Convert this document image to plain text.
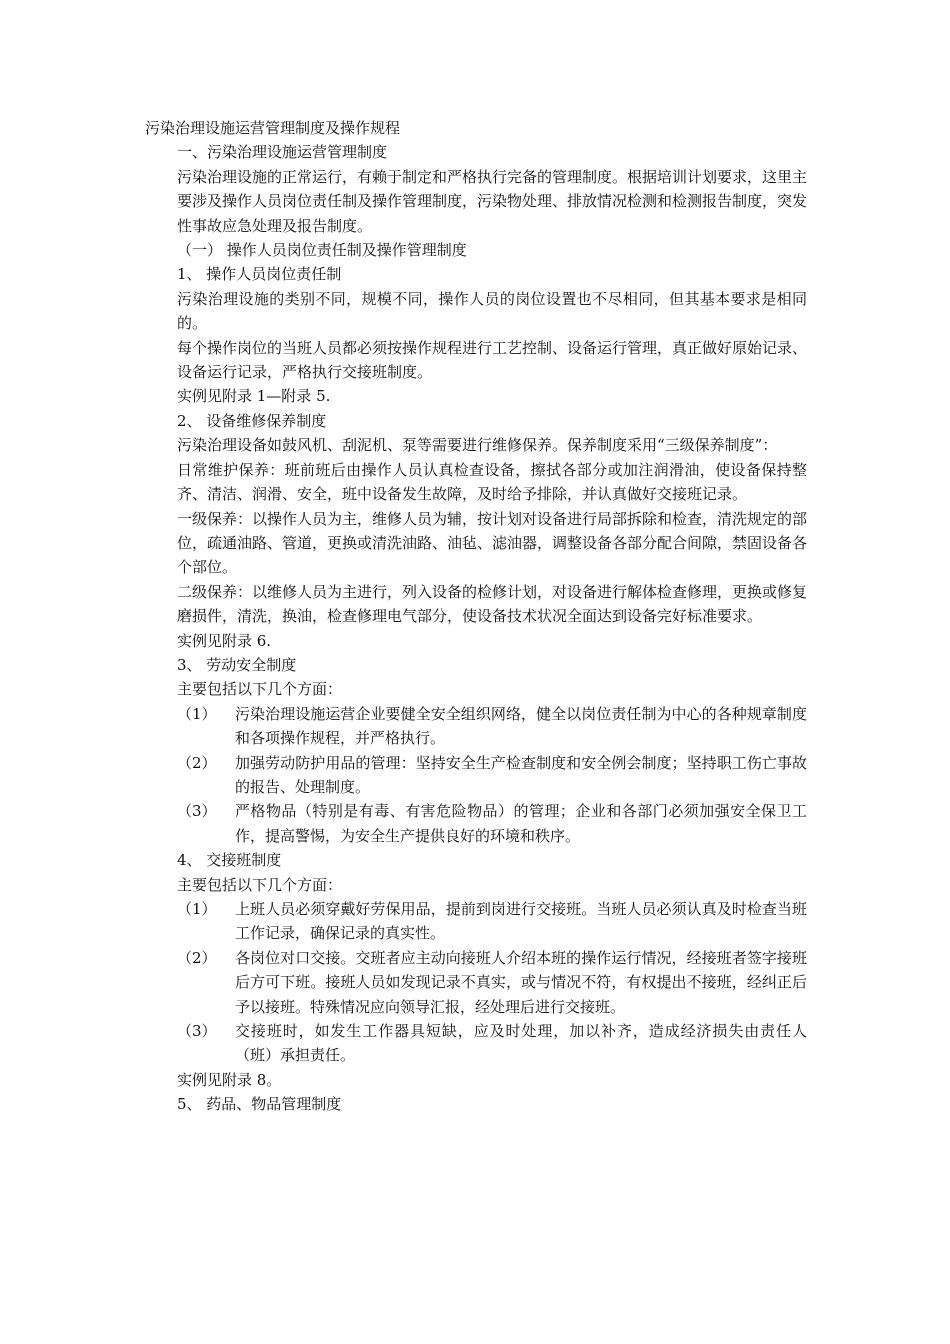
污染治理设施运营管理制度及操作规程
一、污染治理设施运营管理制度
污染治理设施的正常运行，有赖于制定和严格执行完备的管理制度。根据培训计划要求，这里主要涉及操作人员岗位责任制及操作管理制度，污染物处理、排放情况检测和检测报告制度，突发性事故应急处理及报告制度。
（一） 操作人员岗位责任制及操作管理制度
1、 操作人员岗位责任制
污染治理设施的类别不同，规模不同，操作人员的岗位设置也不尽相同，但其基本要求是相同的。
每个操作岗位的当班人员都必须按操作规程进行工艺控制、设备运行管理，真正做好原始记录、设备运行记录，严格执行交接班制度。
实例见附录 1—附录 5.
2、 设备维修保养制度
污染治理设备如鼓风机、刮泥机、泵等需要进行维修保养。保养制度采用“三级保养制度”：
日常维护保养：班前班后由操作人员认真检查设备，擦拭各部分或加注润滑油，使设备保持整齐、清洁、润滑、安全，班中设备发生故障，及时给予排除，并认真做好交接班记录。
一级保养：以操作人员为主，维修人员为辅，按计划对设备进行局部拆除和检查，清洗规定的部位，疏通油路、管道，更换或清洗油路、油毡、滤油器，调整设备各部分配合间隙，禁固设备各个部位。
二级保养：以维修人员为主进行，列入设备的检修计划，对设备进行解体检查修理，更换或修复磨损件，清洗，换油，检查修理电气部分，使设备技术状况全面达到设备完好标准要求。
实例见附录 6.
3、 劳动安全制度
主要包括以下几个方面：
（1）	污染治理设施运营企业要健全安全组织网络，健全以岗位责任制为中心的各种规章制度和各项操作规程，并严格执行。
（2）	加强劳动防护用品的管理：坚持安全生产检查制度和安全例会制度；坚持职工伤亡事故的报告、处理制度。
（3）	严格物品（特别是有毒、有害危险物品）的管理；企业和各部门必须加强安全保卫工作，提高警惕，为安全生产提供良好的环境和秩序。
4、 交接班制度
主要包括以下几个方面：
（1）	上班人员必须穿戴好劳保用品，提前到岗进行交接班。当班人员必须认真及时检查当班工作记录，确保记录的真实性。
（2）	各岗位对口交接。交班者应主动向接班人介绍本班的操作运行情况，经接班者签字接班后方可下班。接班人员如发现记录不真实，或与情况不符，有权提出不接班，经纠正后予以接班。特殊情况应向领导汇报，经处理后进行交接班。
（3）	交接班时，如发生工作器具短缺，应及时处理，加以补齐，造成经济损失由责任人（班）承担责任。
实例见附录 8。
5、 药品、物品管理制度
